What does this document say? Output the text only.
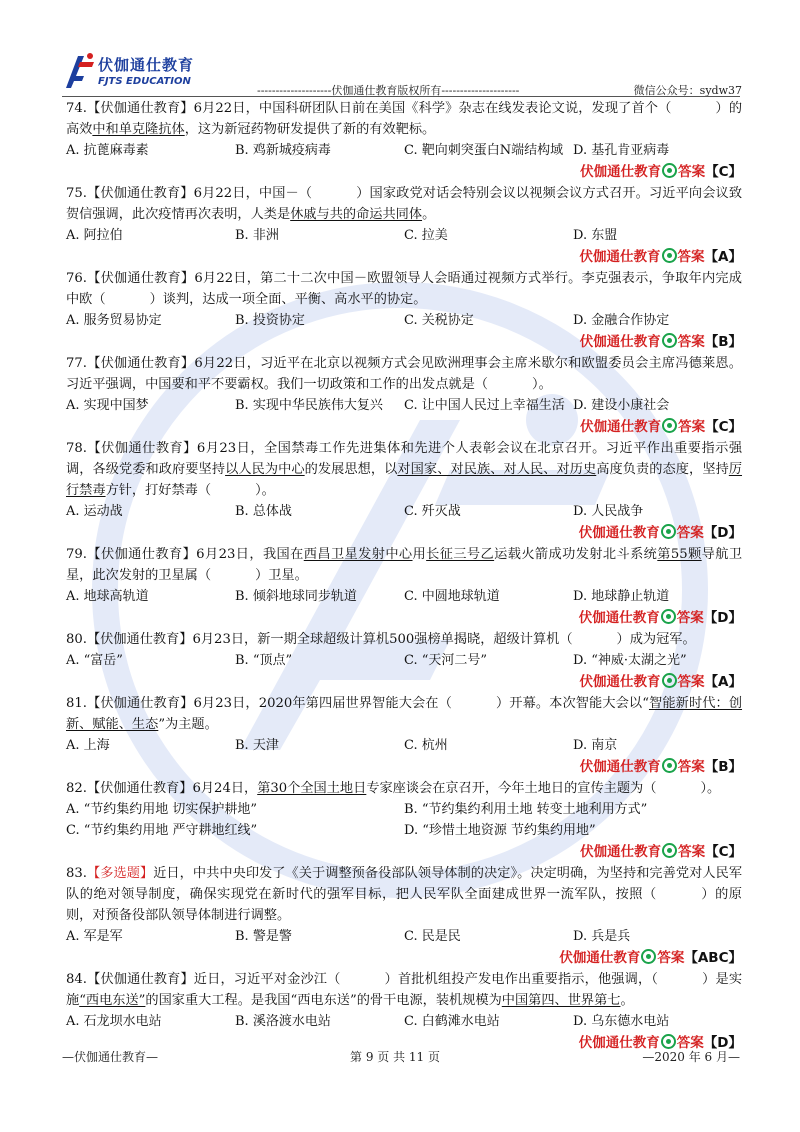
伏伽通仕教育
FJTS EDUCATION
--------------------伏伽通仕教育版权所有---------------------	微信公众号：sydw37
74.【伏伽通仕教育】6月22日，中国科研团队日前在美国《科学》杂志在线发表论文说，发现了首个（	）的高效中和单克隆抗体，这为新冠药物研发提供了新的有效靶标。
A. 抗蓖麻毒素	B. 鸡新城疫病毒	C. 靶向刺突蛋白N端结构域 D. 基孔肯亚病毒
伏伽通仕教育 答案【C】
75.【伏伽通仕教育】6月22日，中国－（	）国家政党对话会特别会议以视频会议方式召开。习近平向会议致贺信强调，此次疫情再次表明，人类是休戚与共的命运共同体。
A. 阿拉伯	B. 非洲	C. 拉美	D. 东盟
伏伽通仕教育 答案【A】
76.【伏伽通仕教育】6月22日，第二十二次中国－欧盟领导人会晤通过视频方式举行。李克强表示，争取年内完成中欧（	）谈判，达成一项全面、平衡、高水平的协定。
A. 服务贸易协定	B. 投资协定	C. 关税协定	D. 金融合作协定
伏伽通仕教育 答案【B】
77.【伏伽通仕教育】6月22日，习近平在北京以视频方式会见欧洲理事会主席米歇尔和欧盟委员会主席冯德莱恩。习近平强调，中国要和平不要霸权。我们一切政策和工作的出发点就是（	）。
A. 实现中国梦	B. 实现中华民族伟大复兴	C. 让中国人民过上幸福生活 D. 建设小康社会
伏伽通仕教育 答案【C】
78.【伏伽通仕教育】6月23日，全国禁毒工作先进集体和先进个人表彰会议在北京召开。习近平作出重要指示强调，各级党委和政府要坚持以人民为中心的发展思想，以对国家、对民族、对人民、对历史高度负责的态度，坚持厉行禁毒方针，打好禁毒（	）。
A. 运动战	B. 总体战	C. 歼灭战	D. 人民战争
伏伽通仕教育 答案【D】
79.【伏伽通仕教育】6月23日，我国在西昌卫星发射中心用长征三号乙运载火箭成功发射北斗系统第55颗导航卫星，此次发射的卫星属（	）卫星。
A. 地球高轨道	B. 倾斜地球同步轨道	C. 中圆地球轨道	D. 地球静止轨道
伏伽通仕教育 答案【D】
80.【伏伽通仕教育】6月23日，新一期全球超级计算机500强榜单揭晓，超级计算机（	）成为冠军。
A. “富岳”	B. “顶点”	C. “天河二号”	D. “神威·太湖之光”
伏伽通仕教育 答案【A】
81.【伏伽通仕教育】6月23日，2020年第四届世界智能大会在（	）开幕。本次智能大会以“智能新时代：创新、赋能、生态”为主题。
A. 上海	B. 天津	C. 杭州	D. 南京
伏伽通仕教育 答案【B】
82.【伏伽通仕教育】6月24日，第30个全国土地日专家座谈会在京召开，今年土地日的宣传主题为（	）。
A. “节约集约用地 切实保护耕地”	B. “节约集约利用土地 转变土地利用方式”
C. “节约集约用地 严守耕地红线”	D. “珍惜土地资源 节约集约用地”
伏伽通仕教育 答案【C】
83.【多选题】近日，中共中央印发了《关于调整预备役部队领导体制的决定》。决定明确，为坚持和完善党对人民军队的绝对领导制度，确保实现党在新时代的强军目标，把人民军队全面建成世界一流军队，按照（	）的原则，对预备役部队领导体制进行调整。
A. 军是军	B. 警是警	C. 民是民	D. 兵是兵
伏伽通仕教育 答案【ABC】
84.【伏伽通仕教育】近日，习近平对金沙江（	）首批机组投产发电作出重要指示，他强调，（	）是实施“西电东送”的国家重大工程。是我国“西电东送”的骨干电源，装机规模为中国第四、世界第七。
A. 石龙坝水电站	B. 溪洛渡水电站	C. 白鹤滩水电站	D. 乌东德水电站
伏伽通仕教育 答案【D】
—伏伽通仕教育—	第 9 页 共 11 页	—2020 年 6 月—
